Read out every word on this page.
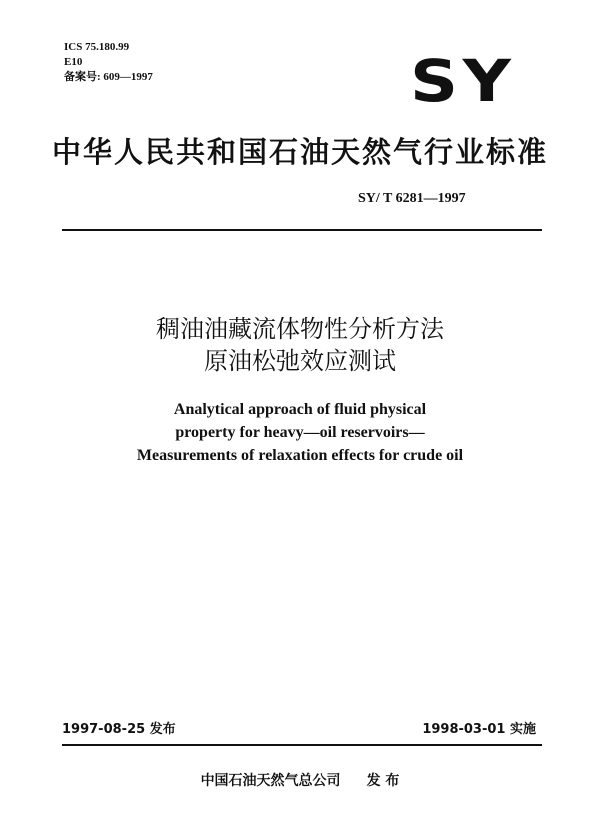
ICS 75.180.99
E10
备案号: 609—1997	SY
中华人民共和国石油天然气行业标准
SY/ T 6281—1997
稠油油藏流体物性分析方法
原油松弛效应测试
Analytical approach of fluid physical
property for heavy—oil reservoirs—
Measurements of relaxation effects for crude oil
1997-08-25 发布	1998-03-01 实施
中国石油天然气总公司 发 布
